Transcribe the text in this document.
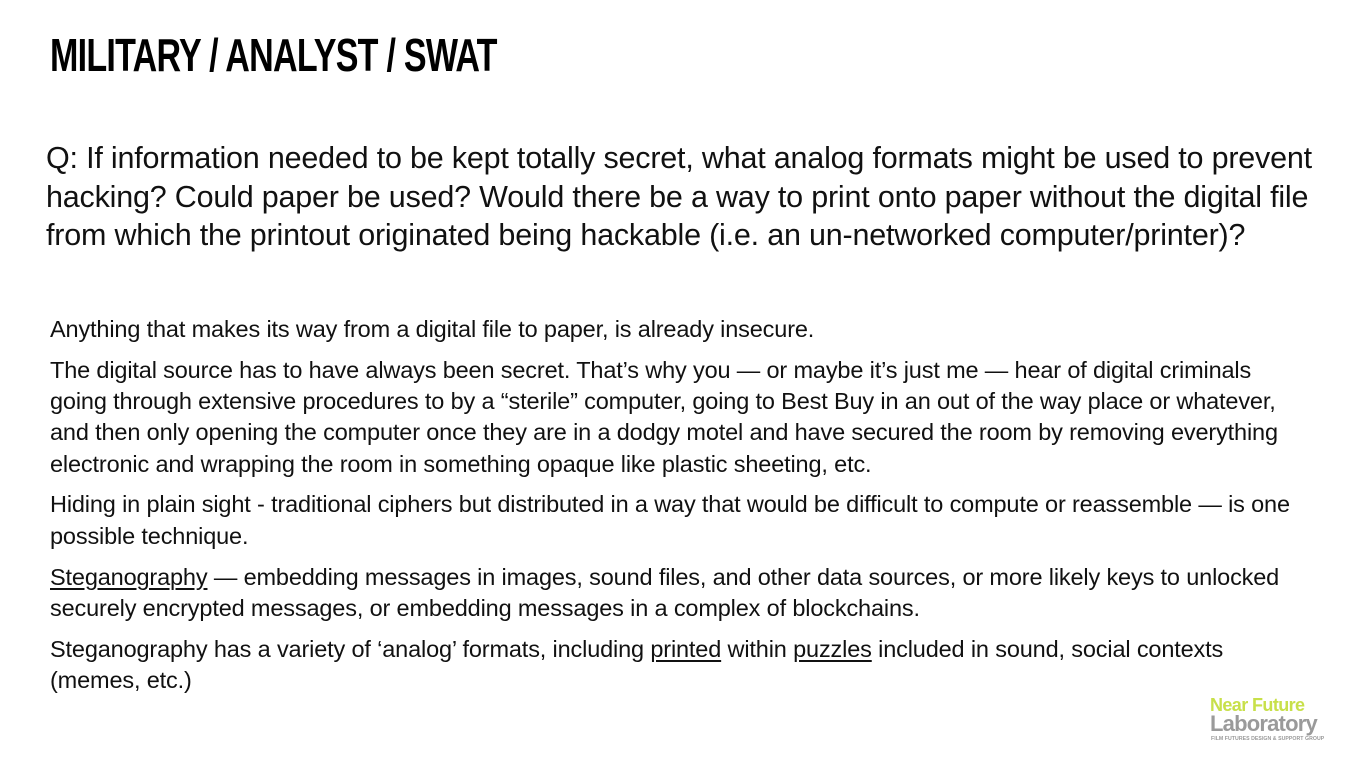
MILITARY / ANALYST / SWAT

Q: If information needed to be kept totally secret, what analog formats might be used to prevent hacking? Could paper be used? Would there be a way to print onto paper without the digital file from which the printout originated being hackable (i.e. an un-networked computer/printer)?

Anything that makes its way from a digital file to paper, is already insecure.

The digital source has to have always been secret. That’s why you — or maybe it’s just me — hear of digital criminals going through extensive procedures to by a “sterile” computer, going to Best Buy in an out of the way place or whatever, and then only opening the computer once they are in a dodgy motel and have secured the room by removing everything electronic and wrapping the room in something opaque like plastic sheeting, etc.

Hiding in plain sight - traditional ciphers but distributed in a way that would be difficult to compute or reassemble — is one possible technique.

Steganography — embedding messages in images, sound files, and other data sources, or more likely keys to unlocked securely encrypted messages, or embedding messages in a complex of blockchains.

Steganography has a variety of ‘analog’ formats, including printed within puzzles included in sound, social contexts (memes, etc.)

Near Future
Laboratory
FILM FUTURES DESIGN & SUPPORT GROUP
